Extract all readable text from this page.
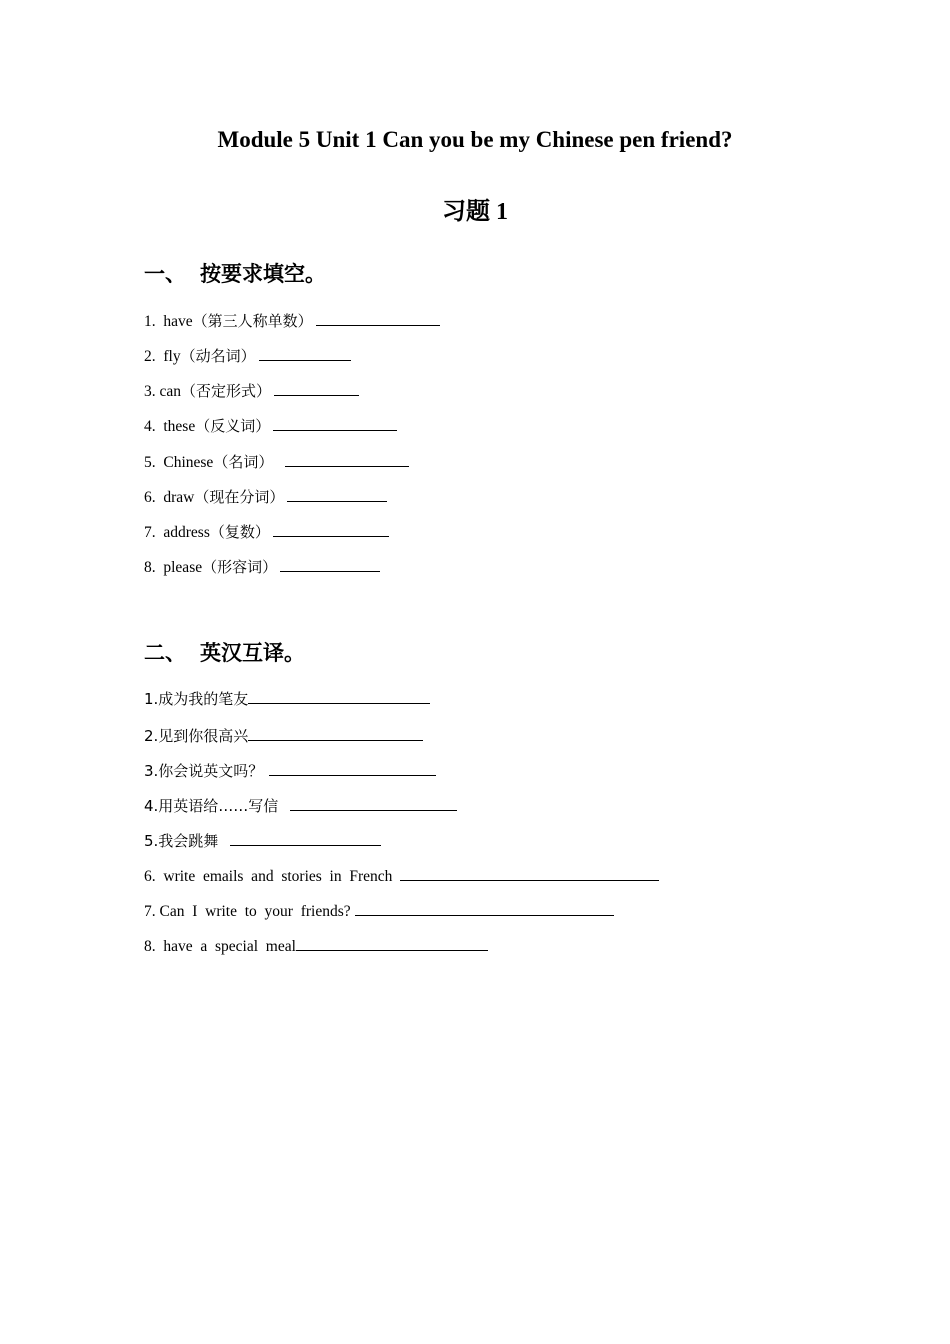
Module 5 Unit 1 Can you be my Chinese pen friend?
习题 1
一、 按要求填空。
1. have（第三人称单数）
2. fly（动名词）
3. can（否定形式）
4. these（反义词）
5. Chinese（名词）
6. draw（现在分词）
7. address（复数）
8. please（形容词）
二、 英汉互译。
1.成为我的笔友
2.见到你很高兴
3.你会说英文吗？
4.用英语给……写信
5.我会跳舞
6.  write  emails  and  stories  in  French
7. Can  I  write  to  your  friends?
8.  have  a  special  meal
